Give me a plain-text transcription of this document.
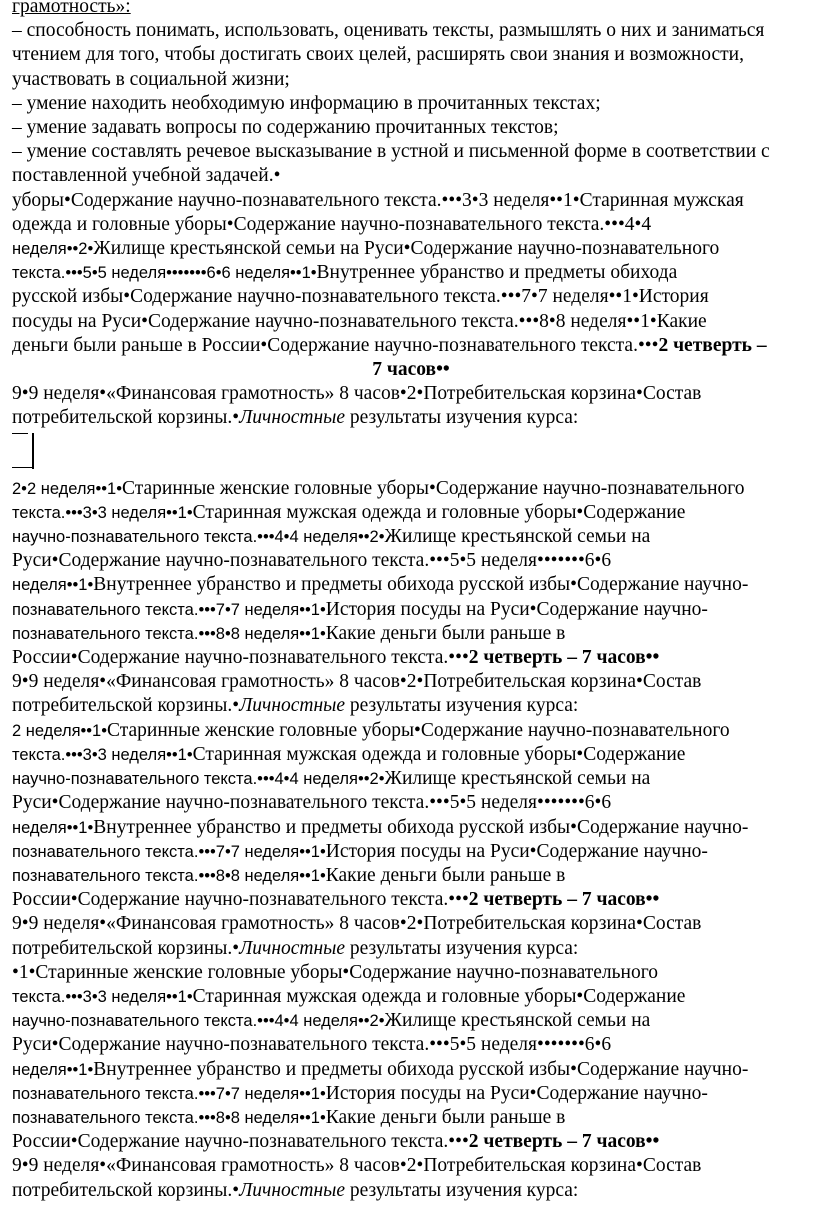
грамотность»:
– способность понимать, использовать, оценивать тексты, размышлять о них и заниматься
чтением для того, чтобы достигать своих целей, расширять свои знания и возможности,
участвовать в социальной жизни;
– умение находить необходимую информацию в прочитанных текстах;
– умение задавать вопросы по содержанию прочитанных текстов;
– умение составлять речевое высказывание в устной и письменной форме в соответствии с
поставленной учебной задачей.•
уборы•Содержание научно-познавательного текста.•••3•3 неделя••1•Старинная мужская
одежда и головные уборы•Содержание научно-познавательного текста.•••4•4
неделя••2•Жилище крестьянской семьи на Руси•Содержание научно-познавательного
текста.•••5•5 неделя•••••••6•6 неделя••1•Внутреннее убранство и предметы обихода
русской избы•Содержание научно-познавательного текста.•••7•7 неделя••1•История
посуды на Руси•Содержание научно-познавательного текста.•••8•8 неделя••1•Какие
деньги были раньше в России•Содержание научно-познавательного текста.•••2 четверть –
7 часов••
9•9 неделя•«Финансовая грамотность» 8 часов•2•Потребительская корзина•Состав
потребительской корзины.•Личностные результаты изучения курса:
2•2 неделя••1•Старинные женские головные уборы•Содержание научно-познавательного
текста.•••3•3 неделя••1•Старинная мужская одежда и головные уборы•Содержание
научно-познавательного текста.•••4•4 неделя••2•Жилище крестьянской семьи на
Руси•Содержание научно-познавательного текста.•••5•5 неделя•••••••6•6
неделя••1•Внутреннее убранство и предметы обихода русской избы•Содержание научно-
познавательного текста.•••7•7 неделя••1•История посуды на Руси•Содержание научно-
познавательного текста.•••8•8 неделя••1•Какие деньги были раньше в
России•Содержание научно-познавательного текста.•••2 четверть – 7 часов••
9•9 неделя•«Финансовая грамотность» 8 часов•2•Потребительская корзина•Состав
потребительской корзины.•Личностные результаты изучения курса:
2 неделя••1•Старинные женские головные уборы•Содержание научно-познавательного
текста.•••3•3 неделя••1•Старинная мужская одежда и головные уборы•Содержание
научно-познавательного текста.•••4•4 неделя••2•Жилище крестьянской семьи на
Руси•Содержание научно-познавательного текста.•••5•5 неделя•••••••6•6
неделя••1•Внутреннее убранство и предметы обихода русской избы•Содержание научно-
познавательного текста.•••7•7 неделя••1•История посуды на Руси•Содержание научно-
познавательного текста.•••8•8 неделя••1•Какие деньги были раньше в
России•Содержание научно-познавательного текста.•••2 четверть – 7 часов••
9•9 неделя•«Финансовая грамотность» 8 часов•2•Потребительская корзина•Состав
потребительской корзины.•Личностные результаты изучения курса:
•1•Старинные женские головные уборы•Содержание научно-познавательного
текста.•••3•3 неделя••1•Старинная мужская одежда и головные уборы•Содержание
научно-познавательного текста.•••4•4 неделя••2•Жилище крестьянской семьи на
Руси•Содержание научно-познавательного текста.•••5•5 неделя•••••••6•6
неделя••1•Внутреннее убранство и предметы обихода русской избы•Содержание научно-
познавательного текста.•••7•7 неделя••1•История посуды на Руси•Содержание научно-
познавательного текста.•••8•8 неделя••1•Какие деньги были раньше в
России•Содержание научно-познавательного текста.•••2 четверть – 7 часов••
9•9 неделя•«Финансовая грамотность» 8 часов•2•Потребительская корзина•Состав
потребительской корзины.•Личностные результаты изучения курса:
